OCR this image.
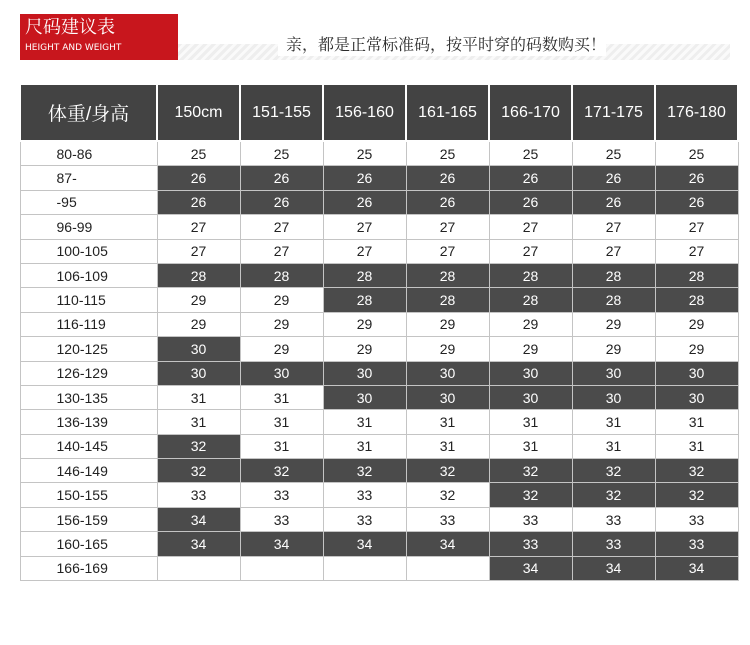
尺码建议表
HEIGHT AND WEIGHT	亲，都是正常标准码，按平时穿的码数购买！
体重/身高	150cm	151-155	156-160	161-165	166-170	171-175	176-180
80-86	25	25	25	25	25	25	25
87-	26	26	26	26	26	26	26
-95	26	26	26	26	26	26	26
96-99	27	27	27	27	27	27	27
100-105	27	27	27	27	27	27	27
106-109	28	28	28	28	28	28	28
110-115	29	29	28	28	28	28	28
116-119	29	29	29	29	29	29	29
120-125	30	29	29	29	29	29	29
126-129	30	30	30	30	30	30	30
130-135	31	31	30	30	30	30	30
136-139	31	31	31	31	31	31	31
140-145	32	31	31	31	31	31	31
146-149	32	32	32	32	32	32	32
150-155	33	33	33	32	32	32	32
156-159	34	33	33	33	33	33	33
160-165	34	34	34	34	33	33	33
166-169					34	34	34
